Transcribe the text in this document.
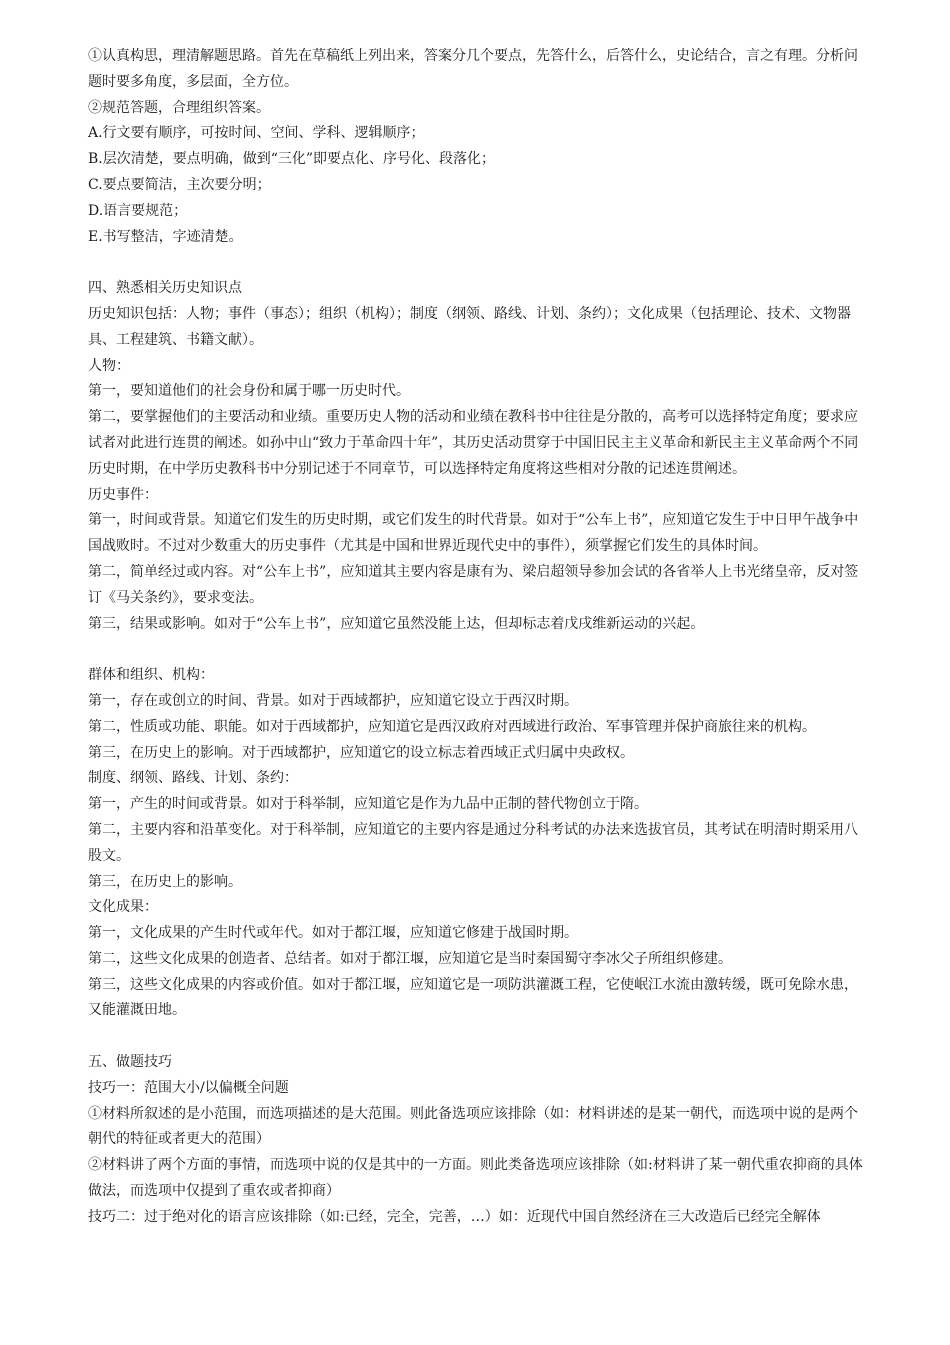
①认真构思，理清解题思路。首先在草稿纸上列出来，答案分几个要点，先答什么，后答什么，史论结合，言之有理。分析问题时要多角度，多层面，全方位。

②规范答题，合理组织答案。

A.行文要有顺序，可按时间、空间、学科、逻辑顺序；

B.层次清楚，要点明确，做到“三化”即要点化、序号化、段落化；

C.要点要简洁，主次要分明；

D.语言要规范；

E.书写整洁，字迹清楚。

四、熟悉相关历史知识点

历史知识包括：人物；事件（事态）；组织（机构）；制度（纲领、路线、计划、条约）；文化成果（包括理论、技术、文物器具、工程建筑、书籍文献）。

人物：

第一，要知道他们的社会身份和属于哪一历史时代。

第二，要掌握他们的主要活动和业绩。重要历史人物的活动和业绩在教科书中往往是分散的，高考可以选择特定角度；要求应试者对此进行连贯的阐述。如孙中山“致力于革命四十年”，其历史活动贯穿于中国旧民主主义革命和新民主主义革命两个不同历史时期，在中学历史教科书中分别记述于不同章节，可以选择特定角度将这些相对分散的记述连贯阐述。

历史事件：

第一，时间或背景。知道它们发生的历史时期，或它们发生的时代背景。如对于“公车上书”，应知道它发生于中日甲午战争中国战败时。不过对少数重大的历史事件（尤其是中国和世界近现代史中的事件），须掌握它们发生的具体时间。

第二，简单经过或内容。对“公车上书”，应知道其主要内容是康有为、梁启超领导参加会试的各省举人上书光绪皇帝，反对签订《马关条约》，要求变法。

第三，结果或影响。如对于“公车上书”，应知道它虽然没能上达，但却标志着戊戌维新运动的兴起。

群体和组织、机构：

第一，存在或创立的时间、背景。如对于西域都护，应知道它设立于西汉时期。

第二，性质或功能、职能。如对于西域都护，应知道它是西汉政府对西域进行政治、军事管理并保护商旅往来的机构。

第三，在历史上的影响。对于西域都护，应知道它的设立标志着西域正式归属中央政权。

制度、纲领、路线、计划、条约：

第一，产生的时间或背景。如对于科举制，应知道它是作为九品中正制的替代物创立于隋。

第二，主要内容和沿革变化。对于科举制，应知道它的主要内容是通过分科考试的办法来选拔官员，其考试在明清时期采用八股文。

第三，在历史上的影响。

文化成果：

第一，文化成果的产生时代或年代。如对于都江堰，应知道它修建于战国时期。

第二，这些文化成果的创造者、总结者。如对于都江堰，应知道它是当时秦国蜀守李冰父子所组织修建。

第三，这些文化成果的内容或价值。如对于都江堰，应知道它是一项防洪灌溉工程，它使岷江水流由激转缓，既可免除水患，又能灌溉田地。

五、做题技巧

技巧一：范围大小/以偏概全问题

①材料所叙述的是小范围，而选项描述的是大范围。则此备选项应该排除（如：材料讲述的是某一朝代，而选项中说的是两个朝代的特征或者更大的范围）

②材料讲了两个方面的事情，而选项中说的仅是其中的一方面。则此类备选项应该排除（如:材料讲了某一朝代重农抑商的具体做法，而选项中仅提到了重农或者抑商）

技巧二：过于绝对化的语言应该排除（如:已经，完全，完善，…）如：近现代中国自然经济在三大改造后已经完全解体
